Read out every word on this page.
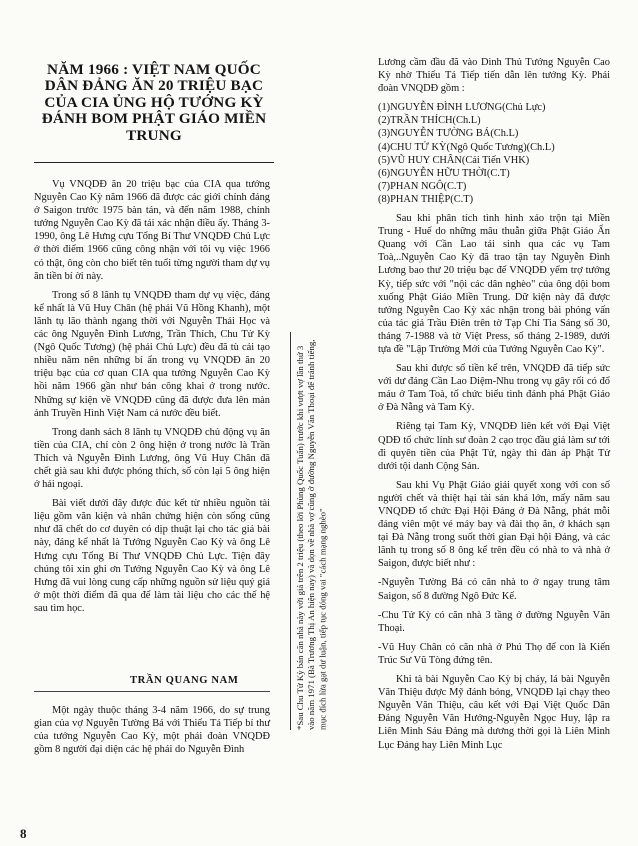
NĂM 1966 : VIỆT NAM QUỐC DÂN ĐẢNG ĂN 20 TRIỆU BẠC CỦA CIA ỦNG HỘ TƯỚNG KỲ ĐÁNH BOM PHẬT GIÁO MIỀN TRUNG

Vụ VNQDĐ ăn 20 triệu bạc của CIA qua tướng Nguyễn Cao Kỳ năm 1966 đã được các giới chính đảng ở Saigon trước 1975 bàn tán, và đến năm 1988, chính tướng Nguyễn Cao Kỳ đã tái xác nhận điều ấy. Tháng 3-1990, ông Lê Hưng cựu Tổng Bí Thư VNQDĐ Chủ Lực ở thời điểm 1966 cũng công nhận với tôi vụ việc 1966 có thật, ông còn cho biết tên tuổi từng người tham dự vụ ăn tiền bí ời này.

Trong số 8 lãnh tụ VNQDĐ tham dự vụ việc, đáng kể nhất là Vũ Huy Chân (hệ phái Vũ Hồng Khanh), một lãnh tụ lão thành ngang thời với Nguyễn Thái Học và các ông Nguyễn Đình Lương, Trần Thích, Chu Tử Kỳ (Ngô Quốc Tương) (hệ phái Chủ Lực) đều đã tù cải tạo nhiều năm nên những bí ẩn trong vụ VNQDĐ ăn 20 triệu bạc của cơ quan CIA qua tướng Nguyễn Cao Kỳ hồi năm 1966 gần như bán công khai ở trong nước. Những sự kiện về VNQDĐ cũng đã được đưa lên màn ảnh Truyền Hình Việt Nam cả nước đều biết.

Trong danh sách 8 lãnh tụ VNQDĐ chủ động vụ ăn tiền của CIA, chỉ còn 2 ông hiện ở trong nước là Trần Thích và Nguyễn Đình Lương, ông Vũ Huy Chân đã chết già sau khi được phóng thích, số còn lại 5 ông hiện ở hải ngoại.

Bài viết dưới đây được đúc kết từ nhiều nguồn tài liệu gồm văn kiện và nhân chứng hiện còn sống cũng như đã chết do cơ duyên có dịp thuật lại cho tác giả bài này, đáng kể nhất là Tướng Nguyễn Cao Kỳ và ông Lê Hưng cựu Tổng Bí Thư VNQDĐ Chủ Lực. Tiện đây chúng tôi xin ghi ơn Tướng Nguyễn Cao Kỳ và ông Lê Hưng đã vui lòng cung cấp những nguồn sử liệu quý giá ở một thời điểm đã qua để làm tài liệu cho các thế hệ sau tìm học.

TRẦN QUANG NAM

Một ngày thuộc tháng 3-4 năm 1966, do sự trung gian của vợ Nguyễn Tường Bá với Thiếu Tá Tiếp bí thư của tướng Nguyễn Cao Kỳ, một phái đoàn VNQDĐ gồm 8 người đại diện các hệ phái do Nguyễn Đình

*Sau Chu Tử Kỳ bán căn nhà này với giá trên 2 triệu (theo lời Phùng Quốc Tuấn) trước khi vượt vợ lần thứ 3 vào năm 1971 (Bà Trương Thị An hiện nay) và dọn về nhà vợ cũng ở đường Nguyễn Văn Thoại để tránh tiếng, mục đích lừa gạt dư luận, tiếp tục đóng vai "cách mạng nghèo"

Lương cầm đầu đã vào Dinh Thủ Tướng Nguyễn Cao Kỳ nhờ Thiếu Tá Tiếp tiến dẫn lên tướng Kỳ. Phái đoàn VNQDĐ gồm :

(1)NGUYỄN ĐÌNH LƯƠNG(Chủ Lực)
(2)TRẦN THÍCH(Ch.L)
(3)NGUYỄN TƯỜNG BÁ(Ch.L)
(4)CHU TỬ KỲ(Ngô Quốc Tương)(Ch.L)
(5)VŨ HUY CHÂN(Cải Tiến VHK)
(6)NGUYỄN HỮU THỜI(C.T)
(7)PHAN NGÔ(C.T)
(8)PHAN THIỆP(C.T)

Sau khi phân tích tình hình xáo trộn tại Miền Trung - Huế do những mâu thuẫn giữa Phật Giáo Ấn Quang với Cần Lao tái sinh qua các vụ Tam Toà,..Nguyễn Cao Kỳ đã trao tận tay Nguyễn Đình Lương bao thư 20 triệu bạc để VNQDĐ yểm trợ tướng Kỳ, tiếp sức với "nội các dân nghèo" của ông dội bom xuống Phật Giáo Miền Trung. Dữ kiện này đã được tướng Nguyễn Cao Kỳ xác nhận trong bài phỏng vấn của tác giả Trầu Điên trên tờ Tạp Chí Tia Sáng số 30, tháng 7-1988 và tờ Việt Press, số tháng 2-1989, dưới tựa đề "Lập Trường Mới của Tướng Nguyễn Cao Kỳ".

Sau khi được số tiền kể trên, VNQDĐ đã tiếp sức với dư đảng Cần Lao Diệm-Nhu trong vụ gây rối có đổ máu ở Tam Toà, tổ chức biểu tình đánh phá Phật Giáo ở Đà Nẵng và Tam Kỳ.

Riêng tại Tam Kỳ, VNQDĐ liên kết với Đại Việt QDĐ tổ chức lính sư đoàn 2 cạo trọc đầu giả làm sư tới đi quyên tiền của Phật Tử, ngày thì đàn áp Phật Tử dưới tội danh Cộng Sản.

Sau khi Vụ Phật Giáo giải quyết xong với con số người chết và thiệt hại tài sản khá lớn, mấy năm sau VNQDĐ tổ chức Đại Hội Đảng ở Đà Nẵng, phát mỗi đảng viên một vé máy bay và đài thọ ăn, ở khách sạn tại Đà Nẵng trong suốt thời gian Đại hội Đảng, và các lãnh tụ trong số 8 ông kể trên đều có nhà to và nhà ở Saigon, được biết như :

-Nguyễn Tường Bá có căn nhà to ở ngay trung tâm Saigon, số 8 đường Ngô Đức Kế.

-Chu Tử Kỳ có căn nhà 3 tầng ở đường Nguyễn Văn Thoại.

-Vũ Huy Chân có căn nhà ở Phú Thọ để con là Kiến Trúc Sư Vũ Tòng đứng tên.

Khi tà bài Nguyễn Cao Kỳ bị cháy, lá bài Nguyễn Văn Thiệu được Mỹ đánh bóng, VNQDĐ lại chạy theo Nguyễn Văn Thiệu, câu kết với Đại Việt Quốc Dân Đảng Nguyễn Văn Hướng-Nguyễn Ngọc Huy, lập ra Liên Minh Sáu Đảng mà dương thời gọi là Liên Minh Lục Đảng hay Liên Minh Lục

8
